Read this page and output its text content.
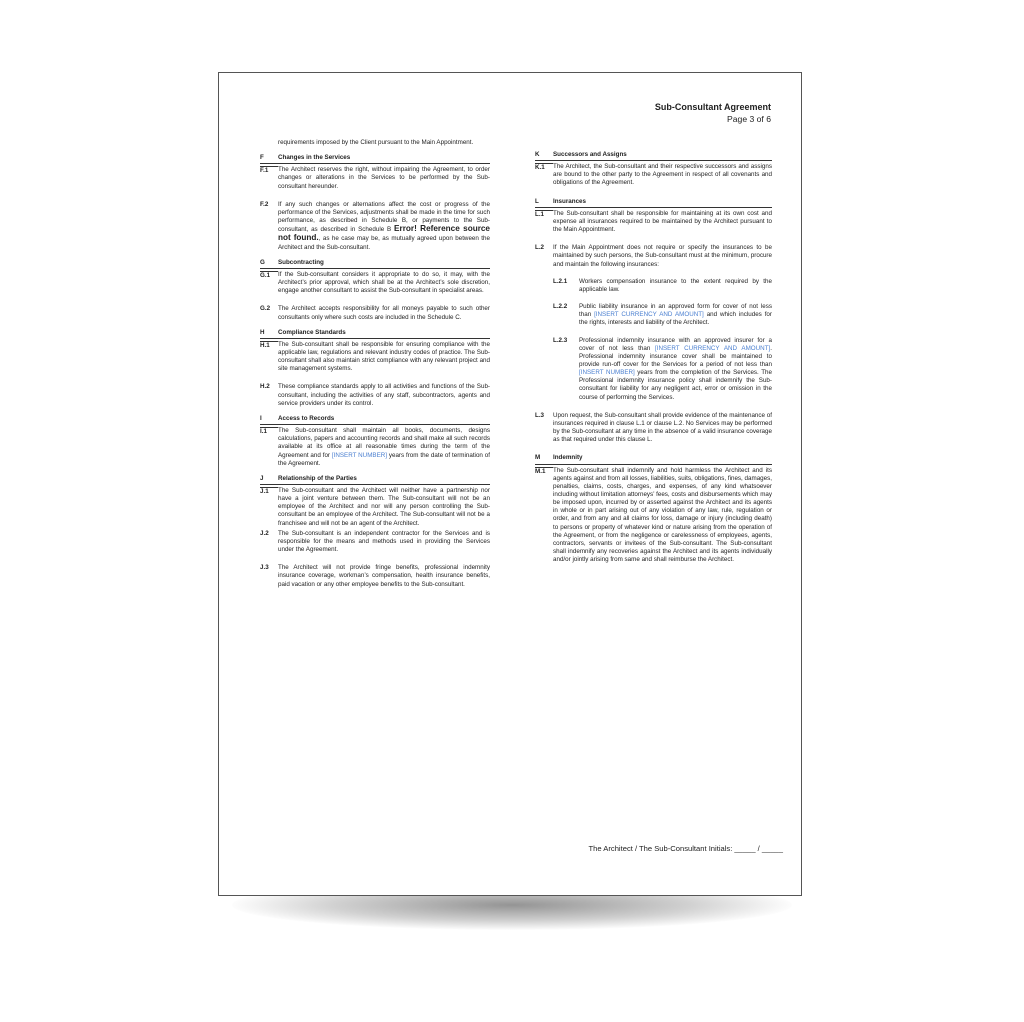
Sub-Consultant Agreement
Page 3 of 6
requirements imposed by the Client pursuant to the Main Appointment.
F	Changes in the Services
F.1	The Architect reserves the right, without impairing the Agreement, to order changes or alterations in the Services to be performed by the Sub-consultant hereunder.
F.2	If any such changes or alternations affect the cost or progress of the performance of the Services, adjustments shall be made in the time for such performance, as described in Schedule B, or payments to the Sub-consultant, as described in Schedule B Error! Reference source not found., as he case may be, as mutually agreed upon between the Architect and the Sub-consultant.
G	Subcontracting
G.1	If the Sub-consultant considers it appropriate to do so, it may, with the Architect’s prior approval, which shall be at the Architect’s sole discretion, engage another consultant to assist the Sub-consultant in specialist areas.
G.2	The Architect accepts responsibility for all moneys payable to such other consultants only where such costs are included in the Schedule C.
H	Compliance Standards
H.1	The Sub-consultant shall be responsible for ensuring compliance with the applicable law, regulations and relevant industry codes of practice. The Sub-consultant shall also maintain strict compliance with any relevant project and site management systems.
H.2	These compliance standards apply to all activities and functions of the Sub-consultant, including the activities of any staff, subcontractors, agents and service providers under its control.
I	Access to Records
I.1	The Sub-consultant shall maintain all books, documents, designs calculations, papers and accounting records and shall make all such records available at its office at all reasonable times during the term of the Agreement and for [INSERT NUMBER] years from the date of termination of the Agreement.
J	Relationship of the Parties
J.1	The Sub-consultant and the Architect will neither have a partnership nor have a joint venture between them. The Sub-consultant will not be an employee of the Architect and nor will any person controlling the Sub-consultant be an employee of the Architect. The Sub-consultant will not be a franchisee and will not be an agent of the Architect.
J.2	The Sub-consultant is an independent contractor for the Services and is responsible for the means and methods used in providing the Services under the Agreement.
J.3	The Architect will not provide fringe benefits, professional indemnity insurance coverage, workman’s compensation, health insurance benefits, paid vacation or any other employee benefits to the Sub-consultant.
K	Successors and Assigns
K.1	The Architect, the Sub-consultant and their respective successors and assigns are bound to the other party to the Agreement in respect of all covenants and obligations of the Agreement.
L	Insurances
L.1	The Sub-consultant shall be responsible for maintaining at its own cost and expense all insurances required to be maintained by the Architect pursuant to the Main Appointment.
L.2	If the Main Appointment does not require or specify the insurances to be maintained by such persons, the Sub-consultant must at the minimum, procure and maintain the following insurances:
L.2.1	Workers compensation insurance to the extent required by the applicable law.
L.2.2	Public liability insurance in an approved form for cover of not less than [INSERT CURRENCY AND AMOUNT] and which includes for the rights, interests and liability of the Architect.
L.2.3	Professional indemnity insurance with an approved insurer for a cover of not less than [INSERT CURRENCY AND AMOUNT]. Professional indemnity insurance cover shall be maintained to provide run-off cover for the Services for a period of not less than [INSERT NUMBER] years from the completion of the Services. The Professional indemnity insurance policy shall indemnify the Sub-consultant for liability for any negligent act, error or omission in the course of performing the Services.
L.3	Upon request, the Sub-consultant shall provide evidence of the maintenance of insurances required in clause L.1 or clause L.2. No Services may be performed by the Sub-consultant at any time in the absence of a valid insurance coverage as that required under this clause L.
M	Indemnity
M.1	The Sub-consultant shall indemnify and hold harmless the Architect and its agents against and from all losses, liabilities, suits, obligations, fines, damages, penalties, claims, costs, charges, and expenses, of any kind whatsoever including without limitation attorneys’ fees, costs and disbursements which may be imposed upon, incurred by or asserted against the Architect and its agents in whole or in part arising out of any violation of any law, rule, regulation or order, and from any and all claims for loss, damage or injury (including death) to persons or property of whatever kind or nature arising from the operation of the Agreement, or from the negligence or carelessness of employees, agents, contractors, servants or invitees of the Sub-consultant. The Sub-consultant shall indemnify any recoveries against the Architect and its agents individually and/or jointly arising from same and shall reimburse the Architect.
The Architect / The Sub-Consultant Initials: _____ / _____
